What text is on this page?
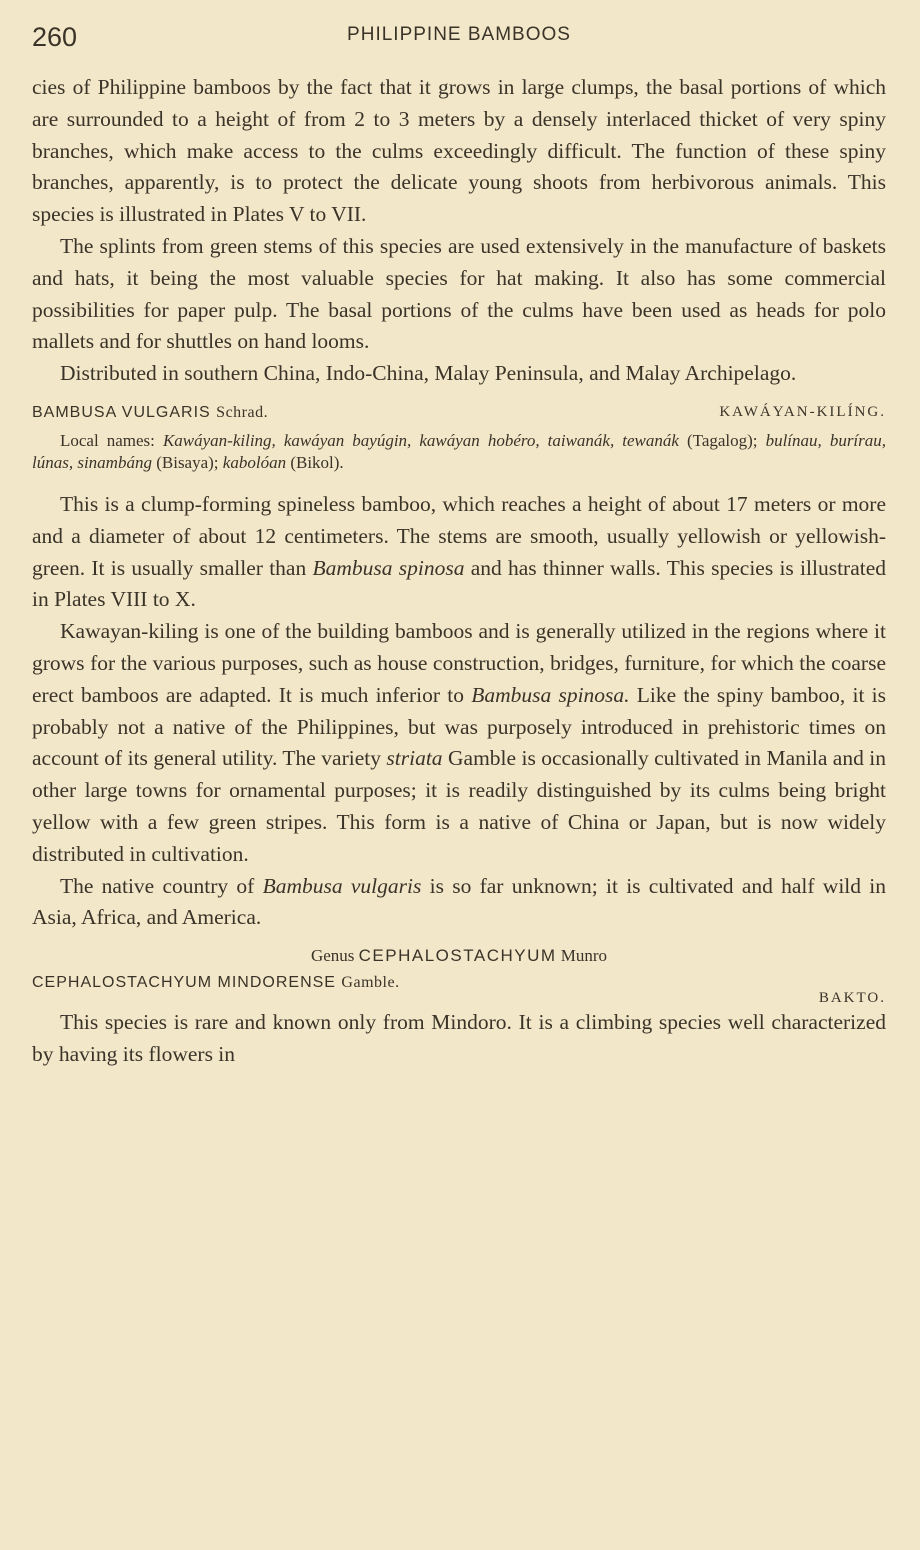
260	PHILIPPINE BAMBOOS

cies of Philippine bamboos by the fact that it grows in large clumps, the basal portions of which are surrounded to a height of from 2 to 3 meters by a densely interlaced thicket of very spiny branches, which make access to the culms exceedingly difficult. The function of these spiny branches, apparently, is to protect the delicate young shoots from herbivorous animals. This species is illustrated in Plates V to VII.

The splints from green stems of this species are used extensively in the manufacture of baskets and hats, it being the most valuable species for hat making. It also has some commercial possibilities for paper pulp. The basal portions of the culms have been used as heads for polo mallets and for shuttles on hand looms.

Distributed in southern China, Indo-China, Malay Peninsula, and Malay Archipelago.

BAMBUSA VULGARIS Schrad.	KAWÁYAN-KILÍNG.
Local names: Kawáyan-kiling, kawáyan bayúgin, kawáyan hobéro, taiwanák, tewanák (Tagalog); bulínau, burírau, lúnas, sinambáng (Bisaya); kabolóan (Bikol).

This is a clump-forming spineless bamboo, which reaches a height of about 17 meters or more and a diameter of about 12 centimeters. The stems are smooth, usually yellowish or yellowish-green. It is usually smaller than Bambusa spinosa and has thinner walls. This species is illustrated in Plates VIII to X.

Kawayan-kiling is one of the building bamboos and is generally utilized in the regions where it grows for the various purposes, such as house construction, bridges, furniture, for which the coarse erect bamboos are adapted. It is much inferior to Bambusa spinosa. Like the spiny bamboo, it is probably not a native of the Philippines, but was purposely introduced in prehistoric times on account of its general utility. The variety striata Gamble is occasionally cultivated in Manila and in other large towns for ornamental purposes; it is readily distinguished by its culms being bright yellow with a few green stripes. This form is a native of China or Japan, but is now widely distributed in cultivation.

The native country of Bambusa vulgaris is so far unknown; it is cultivated and half wild in Asia, Africa, and America.

Genus CEPHALOSTACHYUM Munro
CEPHALOSTACHYUM MINDORENSE Gamble.
BAKTO.

This species is rare and known only from Mindoro. It is a climbing species well characterized by having its flowers in
